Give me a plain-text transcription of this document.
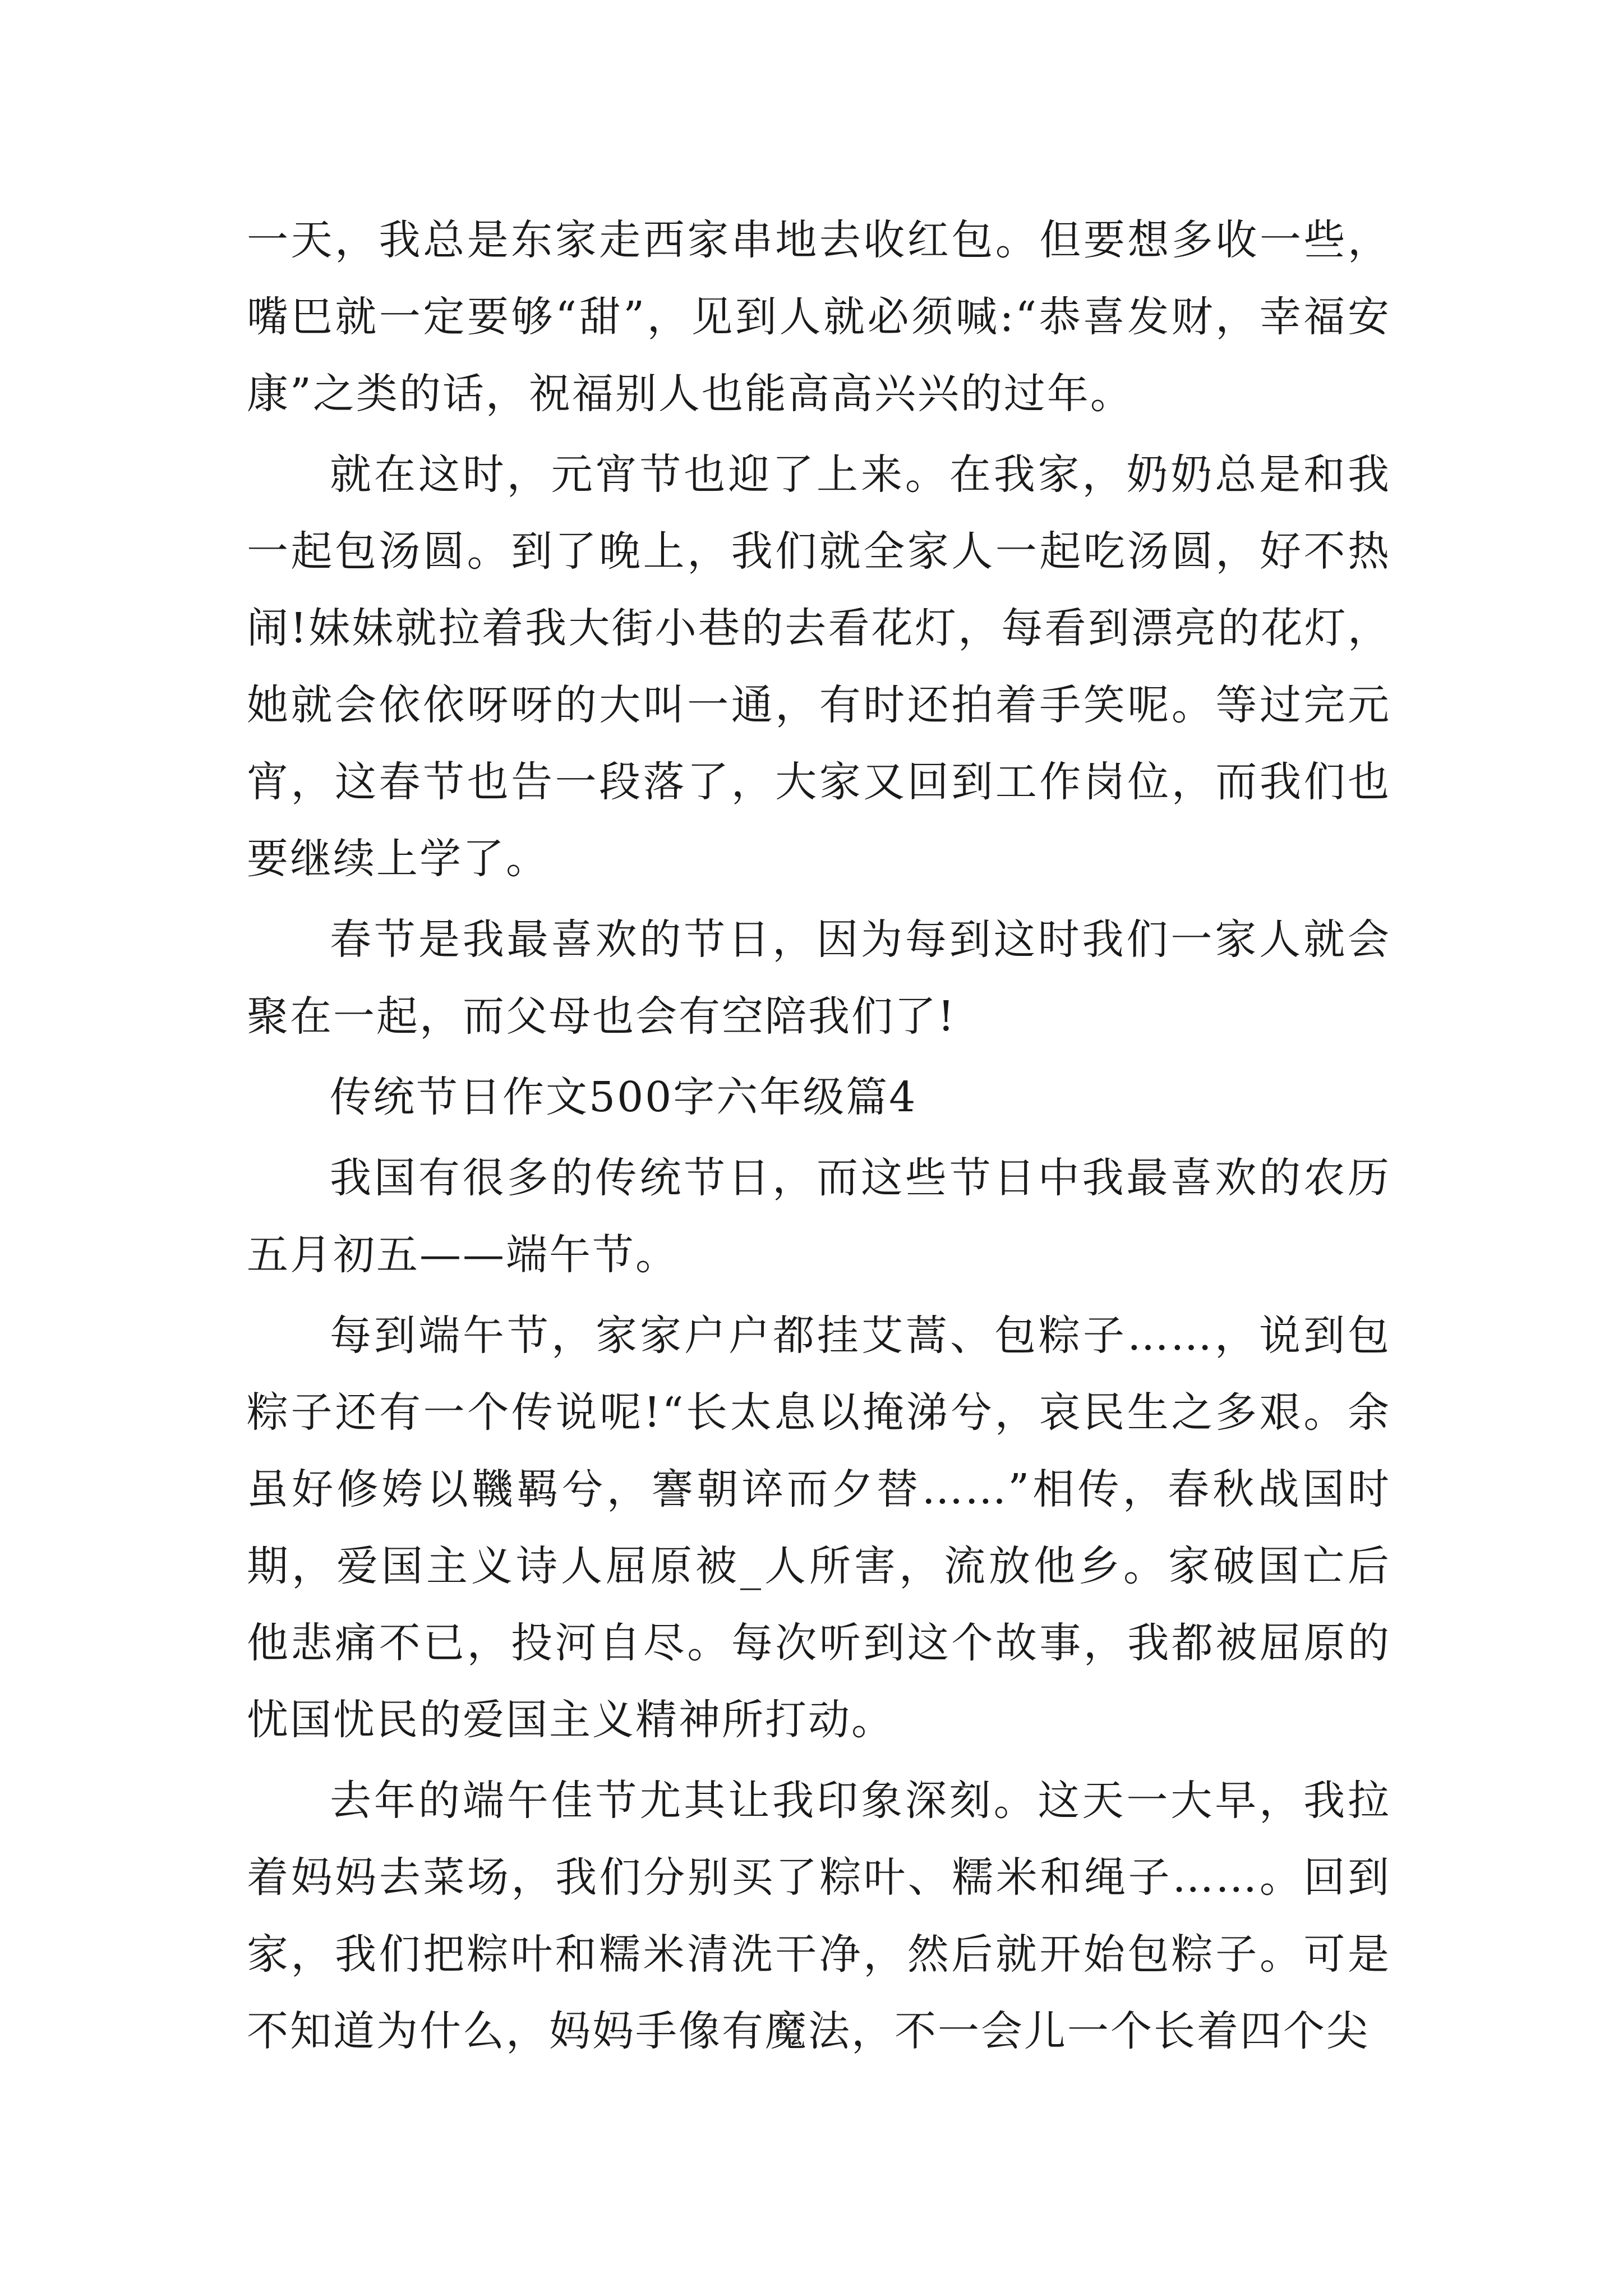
一天，我总是东家走西家串地去收红包。但要想多收一些，嘴巴就一定要够“甜”，见到人就必须喊:“恭喜发财，幸福安康”之类的话，祝福别人也能高高兴兴的过年。

就在这时，元宵节也迎了上来。在我家，奶奶总是和我一起包汤圆。到了晚上，我们就全家人一起吃汤圆，好不热闹!妹妹就拉着我大街小巷的去看花灯，每看到漂亮的花灯，她就会依依呀呀的大叫一通，有时还拍着手笑呢。等过完元宵，这春节也告一段落了，大家又回到工作岗位，而我们也要继续上学了。

春节是我最喜欢的节日，因为每到这时我们一家人就会聚在一起，而父母也会有空陪我们了!

传统节日作文500字六年级篇4

我国有很多的传统节日，而这些节日中我最喜欢的农历五月初五——端午节。

每到端午节，家家户户都挂艾蒿、包粽子……，说到包粽子还有一个传说呢!“长太息以掩涕兮，哀民生之多艰。余虽好修姱以鞿羁兮，謇朝谇而夕替……”相传，春秋战国时期，爱国主义诗人屈原被_人所害，流放他乡。家破国亡后他悲痛不已，投河自尽。每次听到这个故事，我都被屈原的忧国忧民的爱国主义精神所打动。

去年的端午佳节尤其让我印象深刻。这天一大早，我拉着妈妈去菜场，我们分别买了粽叶、糯米和绳子……。回到家，我们把粽叶和糯米清洗干净，然后就开始包粽子。可是不知道为什么，妈妈手像有魔法，不一会儿一个长着四个尖
